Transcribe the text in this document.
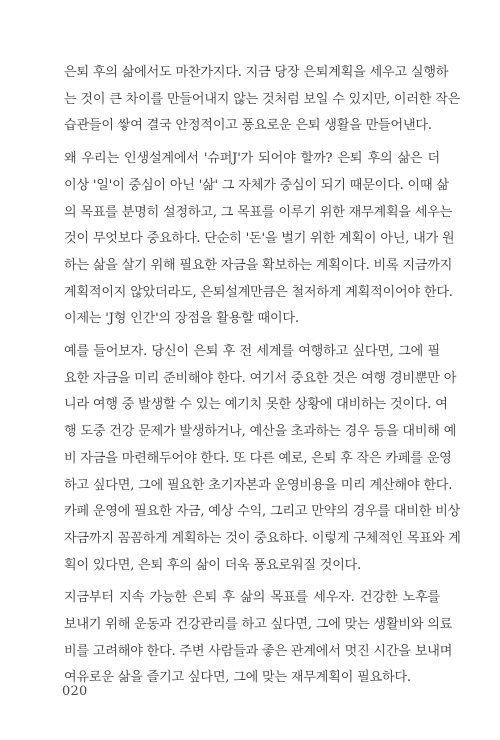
은퇴 후의 삶에서도 마찬가지다. 지금 당장 은퇴계획을 세우고 실행하
는 것이 큰 차이를 만들어내지 않는 것처럼 보일 수 있지만, 이러한 작은
습관들이 쌓여 결국 안정적이고 풍요로운 은퇴 생활을 만들어낸다.
왜 우리는 인생설계에서 '슈퍼J'가 되어야 할까? 은퇴 후의 삶은 더
이상 '일'이 중심이 아닌 '삶' 그 자체가 중심이 되기 때문이다. 이때 삶
의 목표를 분명히 설정하고, 그 목표를 이루기 위한 재무계획을 세우는
것이 무엇보다 중요하다. 단순히 '돈'을 벌기 위한 계획이 아닌, 내가 원
하는 삶을 살기 위해 필요한 자금을 확보하는 계획이다. 비록 지금까지
계획적이지 않았더라도, 은퇴설계만큼은 철저하게 계획적이어야 한다.
이제는 'J형 인간'의 장점을 활용할 때이다.
예를 들어보자. 당신이 은퇴 후 전 세계를 여행하고 싶다면, 그에 필
요한 자금을 미리 준비해야 한다. 여기서 중요한 것은 여행 경비뿐만 아
니라 여행 중 발생할 수 있는 예기치 못한 상황에 대비하는 것이다. 여
행 도중 건강 문제가 발생하거나, 예산을 초과하는 경우 등을 대비해 예
비 자금을 마련해두어야 한다. 또 다른 예로, 은퇴 후 작은 카페를 운영
하고 싶다면, 그에 필요한 초기자본과 운영비용을 미리 계산해야 한다.
카페 운영에 필요한 자금, 예상 수익, 그리고 만약의 경우를 대비한 비상
자금까지 꼼꼼하게 계획하는 것이 중요하다. 이렇게 구체적인 목표와 계
획이 있다면, 은퇴 후의 삶이 더욱 풍요로워질 것이다.
지금부터 지속 가능한 은퇴 후 삶의 목표를 세우자. 건강한 노후를
보내기 위해 운동과 건강관리를 하고 싶다면, 그에 맞는 생활비와 의료
비를 고려해야 한다. 주변 사람들과 좋은 관계에서 멋진 시간을 보내며
여유로운 삶을 즐기고 싶다면, 그에 맞는 재무계획이 필요하다.
020
